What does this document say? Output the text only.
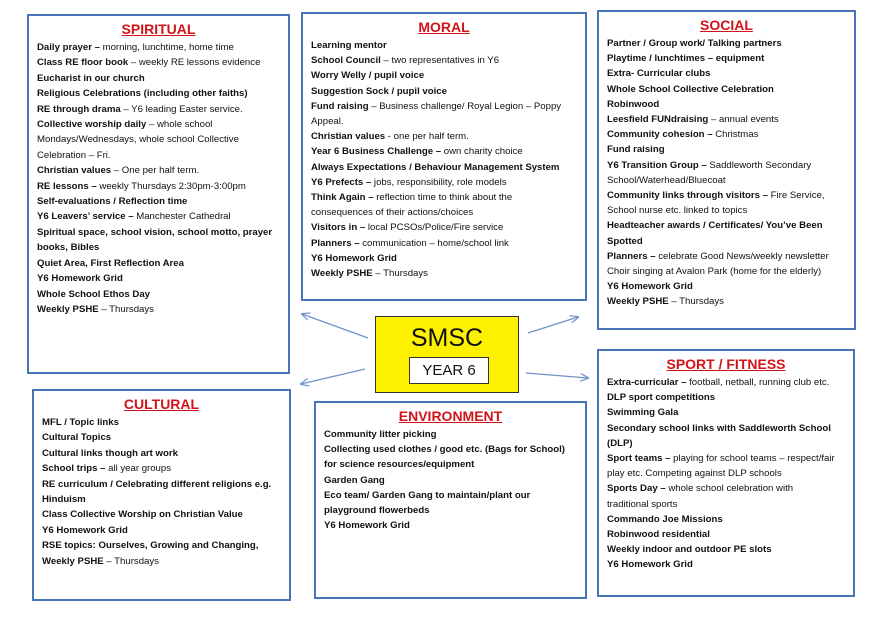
SPIRITUAL
Daily prayer – morning, lunchtime, home time
Class RE floor book – weekly RE lessons evidence
Eucharist in our church
Religious Celebrations (including other faiths)
RE through drama – Y6 leading Easter service.
Collective worship daily – whole school
Mondays/Wednesdays, whole school Collective
Celebration – Fri.
Christian values – One per half term.
RE lessons – weekly Thursdays 2:30pm-3:00pm
Self-evaluations / Reflection time
Y6 Leavers’ service – Manchester Cathedral
Spiritual space, school vision, school motto, prayer
books, Bibles
Quiet Area, First Reflection Area
Y6 Homework Grid
Whole School Ethos Day
Weekly PSHE – Thursdays
MORAL
Learning mentor
School Council – two representatives in Y6
Worry Welly / pupil voice
Suggestion Sock / pupil voice
Fund raising – Business challenge/ Royal Legion – Poppy
Appeal.
Christian values - one per half term.
Year 6 Business Challenge – own charity choice
Always Expectations / Behaviour Management System
Y6 Prefects – jobs, responsibility, role models
Think Again – reflection time to think about the
consequences of their actions/choices
Visitors in – local PCSOs/Police/Fire service
Planners – communication – home/school link
Y6 Homework Grid
Weekly PSHE – Thursdays
SOCIAL
Partner / Group work/ Talking partners
Playtime / lunchtimes – equipment
Extra- Curricular clubs
Whole School Collective Celebration
Robinwood
Leesfield FUNdraising – annual events
Community cohesion – Christmas
Fund raising
Y6 Transition Group – Saddleworth Secondary
School/Waterhead/Bluecoat
Community links through visitors – Fire Service,
School nurse etc. linked to topics
Headteacher awards / Certificates/ You’ve Been
Spotted
Planners – celebrate Good News/weekly newsletter
Choir singing at Avalon Park (home for the elderly)
Y6 Homework Grid
Weekly PSHE – Thursdays
CULTURAL
MFL / Topic links
Cultural Topics
Cultural links though art work
School trips – all year groups
RE curriculum / Celebrating different religions e.g.
Hinduism
Class Collective Worship on Christian Value
Y6 Homework Grid
RSE topics: Ourselves, Growing and Changing,
Weekly PSHE – Thursdays
ENVIRONMENT
Community litter picking
Collecting used clothes / good etc. (Bags for School)
for science resources/equipment
Garden Gang
Eco team/ Garden Gang to maintain/plant our
playground flowerbeds
Y6 Homework Grid
SPORT / FITNESS
Extra-curricular – football, netball, running club etc.
DLP sport competitions
Swimming Gala
Secondary school links with Saddleworth School
(DLP)
Sport teams – playing for school teams – respect/fair
play etc. Competing against DLP schools
Sports Day – whole school celebration with
traditional sports
Commando Joe Missions
Robinwood residential
Weekly indoor and outdoor PE slots
Y6 Homework Grid
SMSC
YEAR 6
